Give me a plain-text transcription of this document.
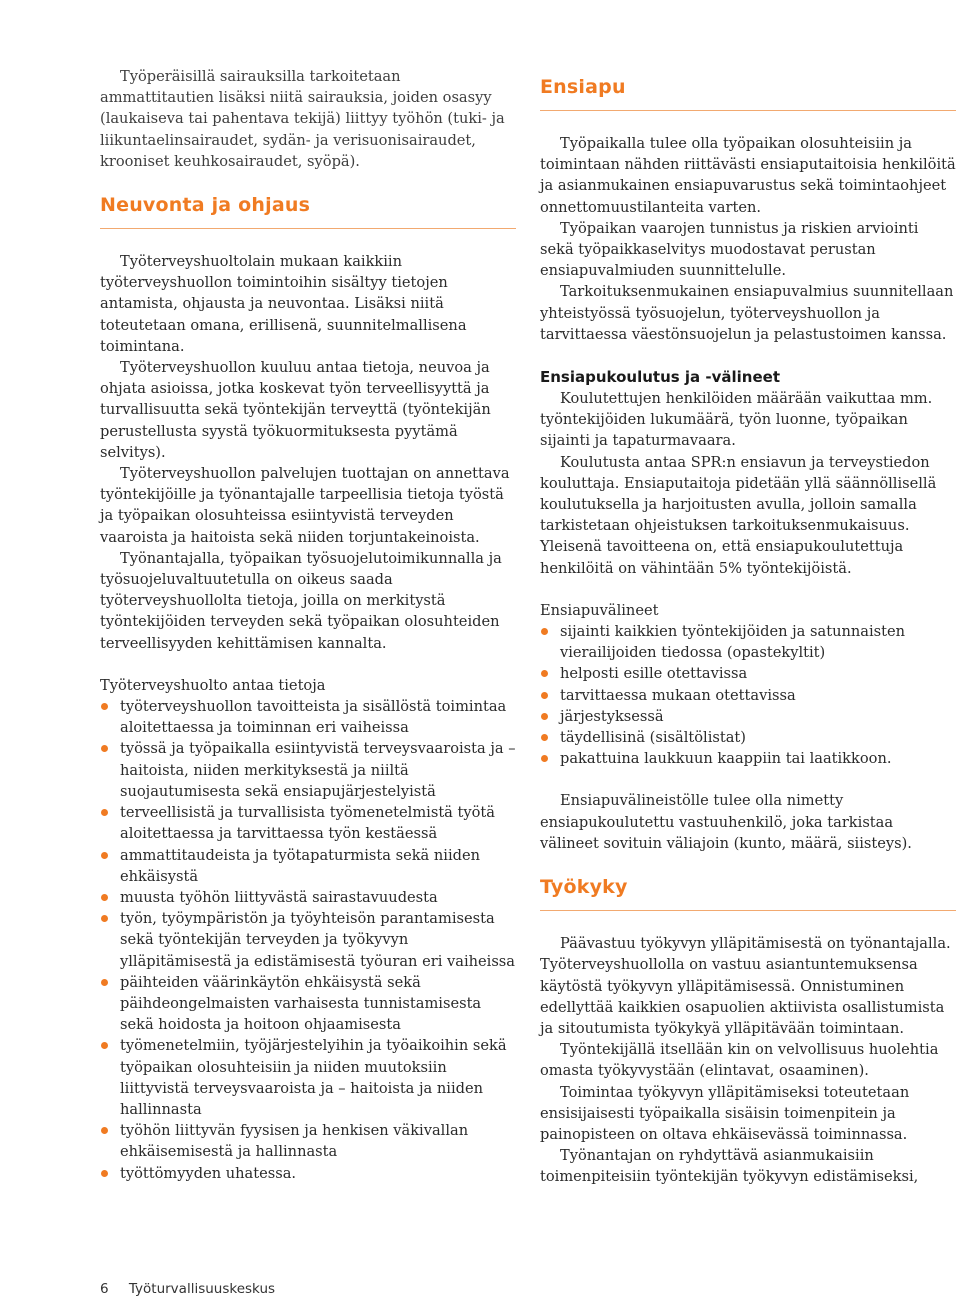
Työperäisillä sairauksilla tarkoitetaan ammattitautien lisäksi niitä sairauksia, joiden osasyy (laukaiseva tai pahentava tekijä) liittyy työhön (tuki- ja liikuntaelinsairaudet, sydän- ja verisuonisairaudet, krooniset keuhkosairaudet, syöpä).

Neuvonta ja ohjaus

Työterveyshuoltolain mukaan kaikkiin työterveyshuollon toimintoihin sisältyy tietojen antamista, ohjausta ja neuvontaa. Lisäksi niitä toteutetaan omana, erillisenä, suunnitelmallisena toimintana.

Työterveyshuollon kuuluu antaa tietoja, neuvoa ja ohjata asioissa, jotka koskevat työn terveellisyyttä ja turvallisuutta sekä työntekijän terveyttä (työntekijän perustellusta syystä työkuormituksesta pyytämä selvitys).

Työterveyshuollon palvelujen tuottajan on annettava työntekijöille ja työnantajalle tarpeellisia tietoja työstä ja työpaikan olosuhteissa esiintyvistä terveyden vaaroista ja haitoista sekä niiden torjuntakeinoista.

Työnantajalla, työpaikan työsuojelutoimikunnalla ja työsuojeluvaltuutetulla on oikeus saada työterveyshuollolta tietoja, joilla on merkitystä työntekijöiden terveyden sekä työpaikan olosuhteiden terveellisyyden kehittämisen kannalta.

Työterveyshuolto antaa tietoja

työterveyshuollon tavoitteista ja sisällöstä toimintaa aloitettaessa ja toiminnan eri vaiheissa
työssä ja työpaikalla esiintyvistä terveysvaaroista ja –haitoista, niiden merkityksestä ja niiltä suojautumisesta sekä ensiapujärjestelyistä
terveellisistä ja turvallisista työmenetelmistä työtä aloitettaessa ja tarvittaessa työn kestäessä
ammattitaudeista ja työtapaturmista sekä niiden ehkäisystä
muusta työhön liittyvästä sairastavuudesta
työn, työympäristön ja työyhteisön parantamisesta sekä työntekijän terveyden ja työkyvyn ylläpitämisestä ja edistämisestä työuran eri vaiheissa
päihteiden väärinkäytön ehkäisystä sekä päihdeongelmaisten varhaisesta tunnistamisesta sekä hoidosta ja hoitoon ohjaamisesta
työmenetelmiin, työjärjestelyihin ja työaikoihin sekä työpaikan olosuhteisiin ja niiden muutoksiin liittyvistä terveysvaaroista ja – haitoista ja niiden hallinnasta
työhön liittyvän fyysisen ja henkisen väkivallan ehkäisemisestä ja hallinnasta
työttömyyden uhatessa.
Ensiapu

Työpaikalla tulee olla työpaikan olosuhteisiin ja toimintaan nähden riittävästi ensiaputaitoisia henkilöitä ja asianmukainen ensiapuvarustus sekä toimintaohjeet onnettomuustilanteita varten.

Työpaikan vaarojen tunnistus ja riskien arviointi sekä työpaikkaselvitys muodostavat perustan ensiapuvalmiuden suunnittelulle.

Tarkoituksenmukainen ensiapuvalmius suunnitellaan yhteistyössä työsuojelun, työterveyshuollon ja tarvittaessa väestönsuojelun ja pelastustoimen kanssa.

Ensiapukoulutus ja -välineet

Koulutettujen henkilöiden määrään vaikuttaa mm. työntekijöiden lukumäärä, työn luonne, työpaikan sijainti ja tapaturmavaara.

Koulutusta antaa SPR:n ensiavun ja terveystiedon kouluttaja. Ensiaputaitoja pidetään yllä säännöllisellä koulutuksella ja harjoitusten avulla, jolloin samalla tarkistetaan ohjeistuksen tarkoituksenmukaisuus. Yleisenä tavoitteena on, että ensiapukoulutettuja henkilöitä on vähintään 5% työntekijöistä.

Ensiapuvälineet

sijainti kaikkien työntekijöiden ja satunnaisten vierailijoiden tiedossa (opastekyltit)
helposti esille otettavissa
tarvittaessa mukaan otettavissa
järjestyksessä
täydellisinä (sisältölistat)
pakattuina laukkuun kaappiin tai laatikkoon.

Ensiapuvälineistölle tulee olla nimetty ensiapukoulutettu vastuuhenkilö, joka tarkistaa välineet sovituin väliajoin (kunto, määrä, siisteys).

Työkyky

Päävastuu työkyvyn ylläpitämisestä on työnantajalla. Työterveyshuollolla on vastuu asiantuntemuksensa käytöstä työkyvyn ylläpitämisessä. Onnistuminen edellyttää kaikkien osapuolien aktiivista osallistumista ja sitoutumista työkykyä ylläpitävään toimintaan.

Työntekijällä itsellään kin on velvollisuus huolehtia omasta työkyvystään (elintavat, osaaminen).

Toimintaa työkyvyn ylläpitämiseksi toteutetaan ensisijaisesti työpaikalla sisäisin toimenpitein ja painopisteen on oltava ehkäisevässä toiminnassa.

Työnantajan on ryhdyttävä asianmukaisiin toimenpiteisiin työntekijän työkyvyn edistämiseksi,

6 Työturvallisuuskeskus
